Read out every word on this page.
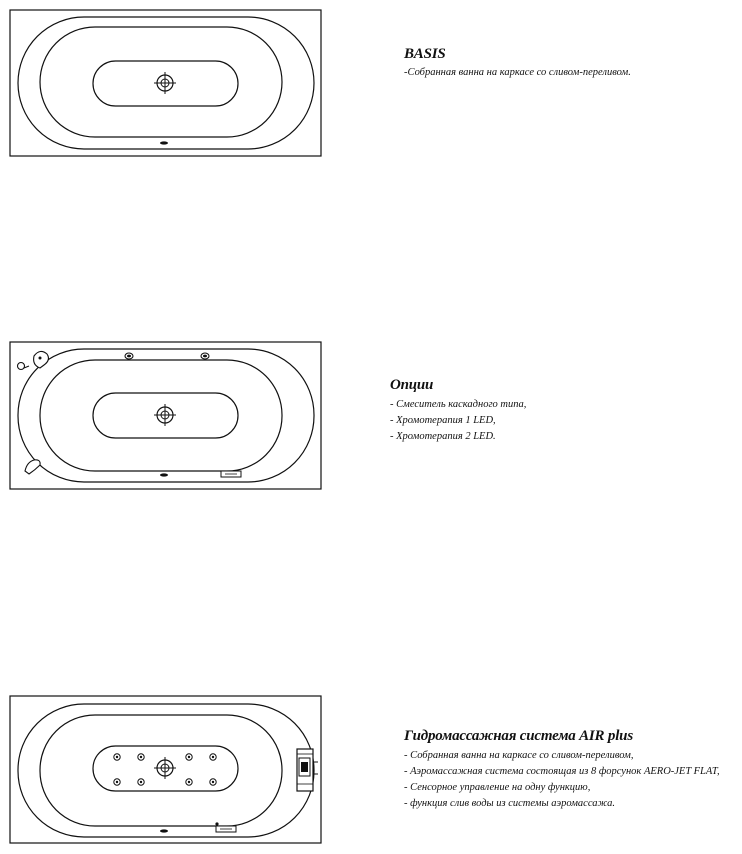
BASIS
-Собранная ванна на каркасе со сливом-переливом.
Опции
- Смеситель каскадного типа,
- Хромотерапия 1 LED,
- Хромотерапия 2 LED.
Гидромассажная система AIR plus
- Собранная ванна на каркасе со сливом-переливом,
- Аэромассажная система состоящая из 8 форсунок AERO-JET FLAT,
- Сенсорное управление на одну функцию,
- функция слив воды из системы аэромассажа.
